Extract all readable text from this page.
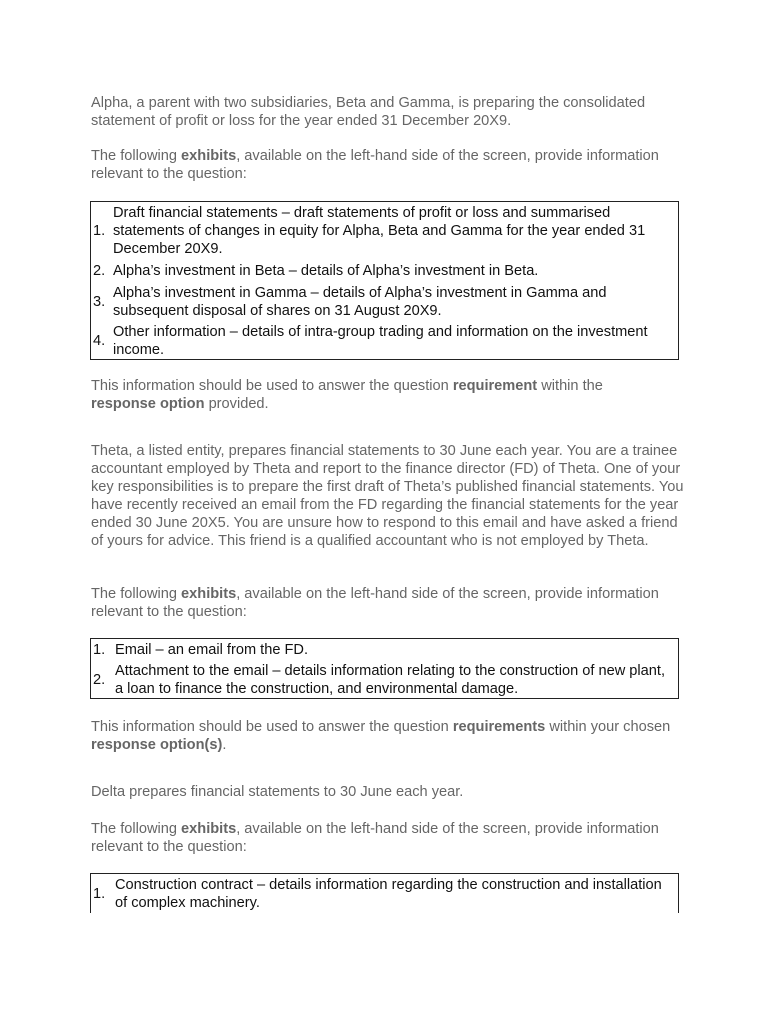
Alpha, a parent with two subsidiaries, Beta and Gamma, is preparing the consolidated statement of profit or loss for the year ended 31 December 20X9.

The following exhibits, available on the left-hand side of the screen, provide information relevant to the question:

1.
Draft financial statements – draft statements of profit or loss and summarised statements of changes in equity for Alpha, Beta and Gamma for the year ended 31 December 20X9.
2. Alpha’s investment in Beta – details of Alpha’s investment in Beta.
3.
Alpha’s investment in Gamma – details of Alpha’s investment in Gamma and subsequent disposal of shares on 31 August 20X9.
4.
Other information – details of intra-group trading and information on the investment income.

This information should be used to answer the question requirement within the response option provided.

Theta, a listed entity, prepares financial statements to 30 June each year. You are a trainee accountant employed by Theta and report to the finance director (FD) of Theta. One of your key responsibilities is to prepare the first draft of Theta’s published financial statements. You have recently received an email from the FD regarding the financial statements for the year ended 30 June 20X5. You are unsure how to respond to this email and have asked a friend of yours for advice. This friend is a qualified accountant who is not employed by Theta.

The following exhibits, available on the left-hand side of the screen, provide information relevant to the question:

1. Email – an email from the FD.
2.
Attachment to the email – details information relating to the construction of new plant, a loan to finance the construction, and environmental damage.

This information should be used to answer the question requirements within your chosen response option(s).

Delta prepares financial statements to 30 June each year.

The following exhibits, available on the left-hand side of the screen, provide information relevant to the question:

1.
Construction contract – details information regarding the construction and installation of complex machinery.
